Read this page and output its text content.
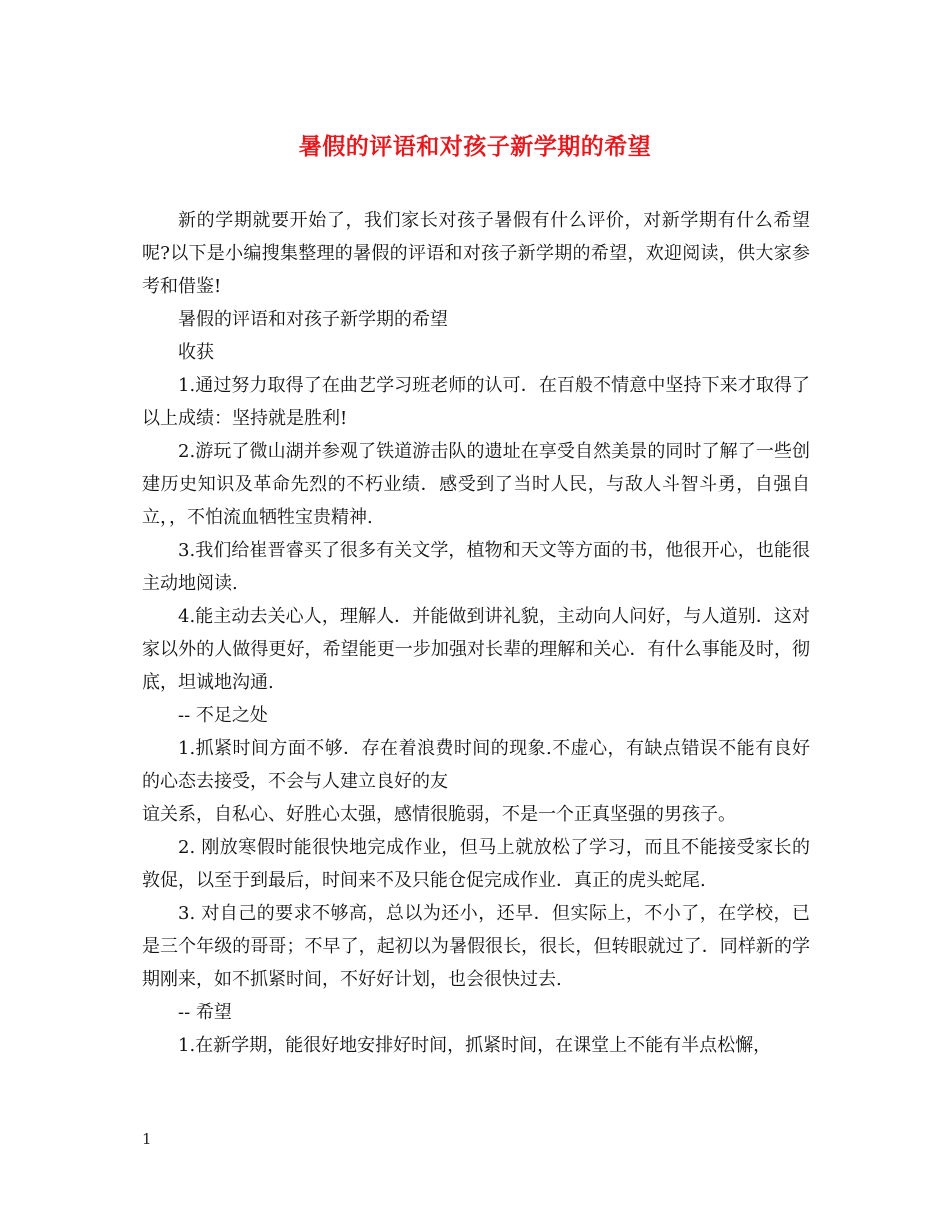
暑假的评语和对孩子新学期的希望

新的学期就要开始了，我们家长对孩子暑假有什么评价，对新学期有什么希望呢?以下是小编搜集整理的暑假的评语和对孩子新学期的希望，欢迎阅读，供大家参考和借鉴!

暑假的评语和对孩子新学期的希望

收获

1.通过努力取得了在曲艺学习班老师的认可．在百般不情意中坚持下来才取得了以上成绩：坚持就是胜利!

2.游玩了微山湖并参观了铁道游击队的遗址在享受自然美景的同时了解了一些创建历史知识及革命先烈的不朽业绩．感受到了当时人民，与敌人斗智斗勇，自强自立，，不怕流血牺牲宝贵精神.

3.我们给崔晋睿买了很多有关文学，植物和天文等方面的书，他很开心，也能很主动地阅读.

4.能主动去关心人，理解人．并能做到讲礼貌，主动向人问好，与人道别．这对家以外的人做得更好，希望能更一步加强对长辈的理解和关心．有什么事能及时，彻底，坦诚地沟通.

-- 不足之处

1.抓紧时间方面不够．存在着浪费时间的现象.不虚心，有缺点错误不能有良好的心态去接受，不会与人建立良好的友

谊关系，自私心、好胜心太强，感情很脆弱，不是一个正真坚强的男孩子。

2. 刚放寒假时能很快地完成作业，但马上就放松了学习，而且不能接受家长的敦促，以至于到最后，时间来不及只能仓促完成作业．真正的虎头蛇尾.

3. 对自己的要求不够高，总以为还小，还早．但实际上，不小了，在学校，已是三个年级的哥哥；不早了，起初以为暑假很长，很长，但转眼就过了．同样新的学期刚来，如不抓紧时间，不好好计划，也会很快过去.

-- 希望

1.在新学期，能很好地安排好时间，抓紧时间，在课堂上不能有半点松懈，

1
